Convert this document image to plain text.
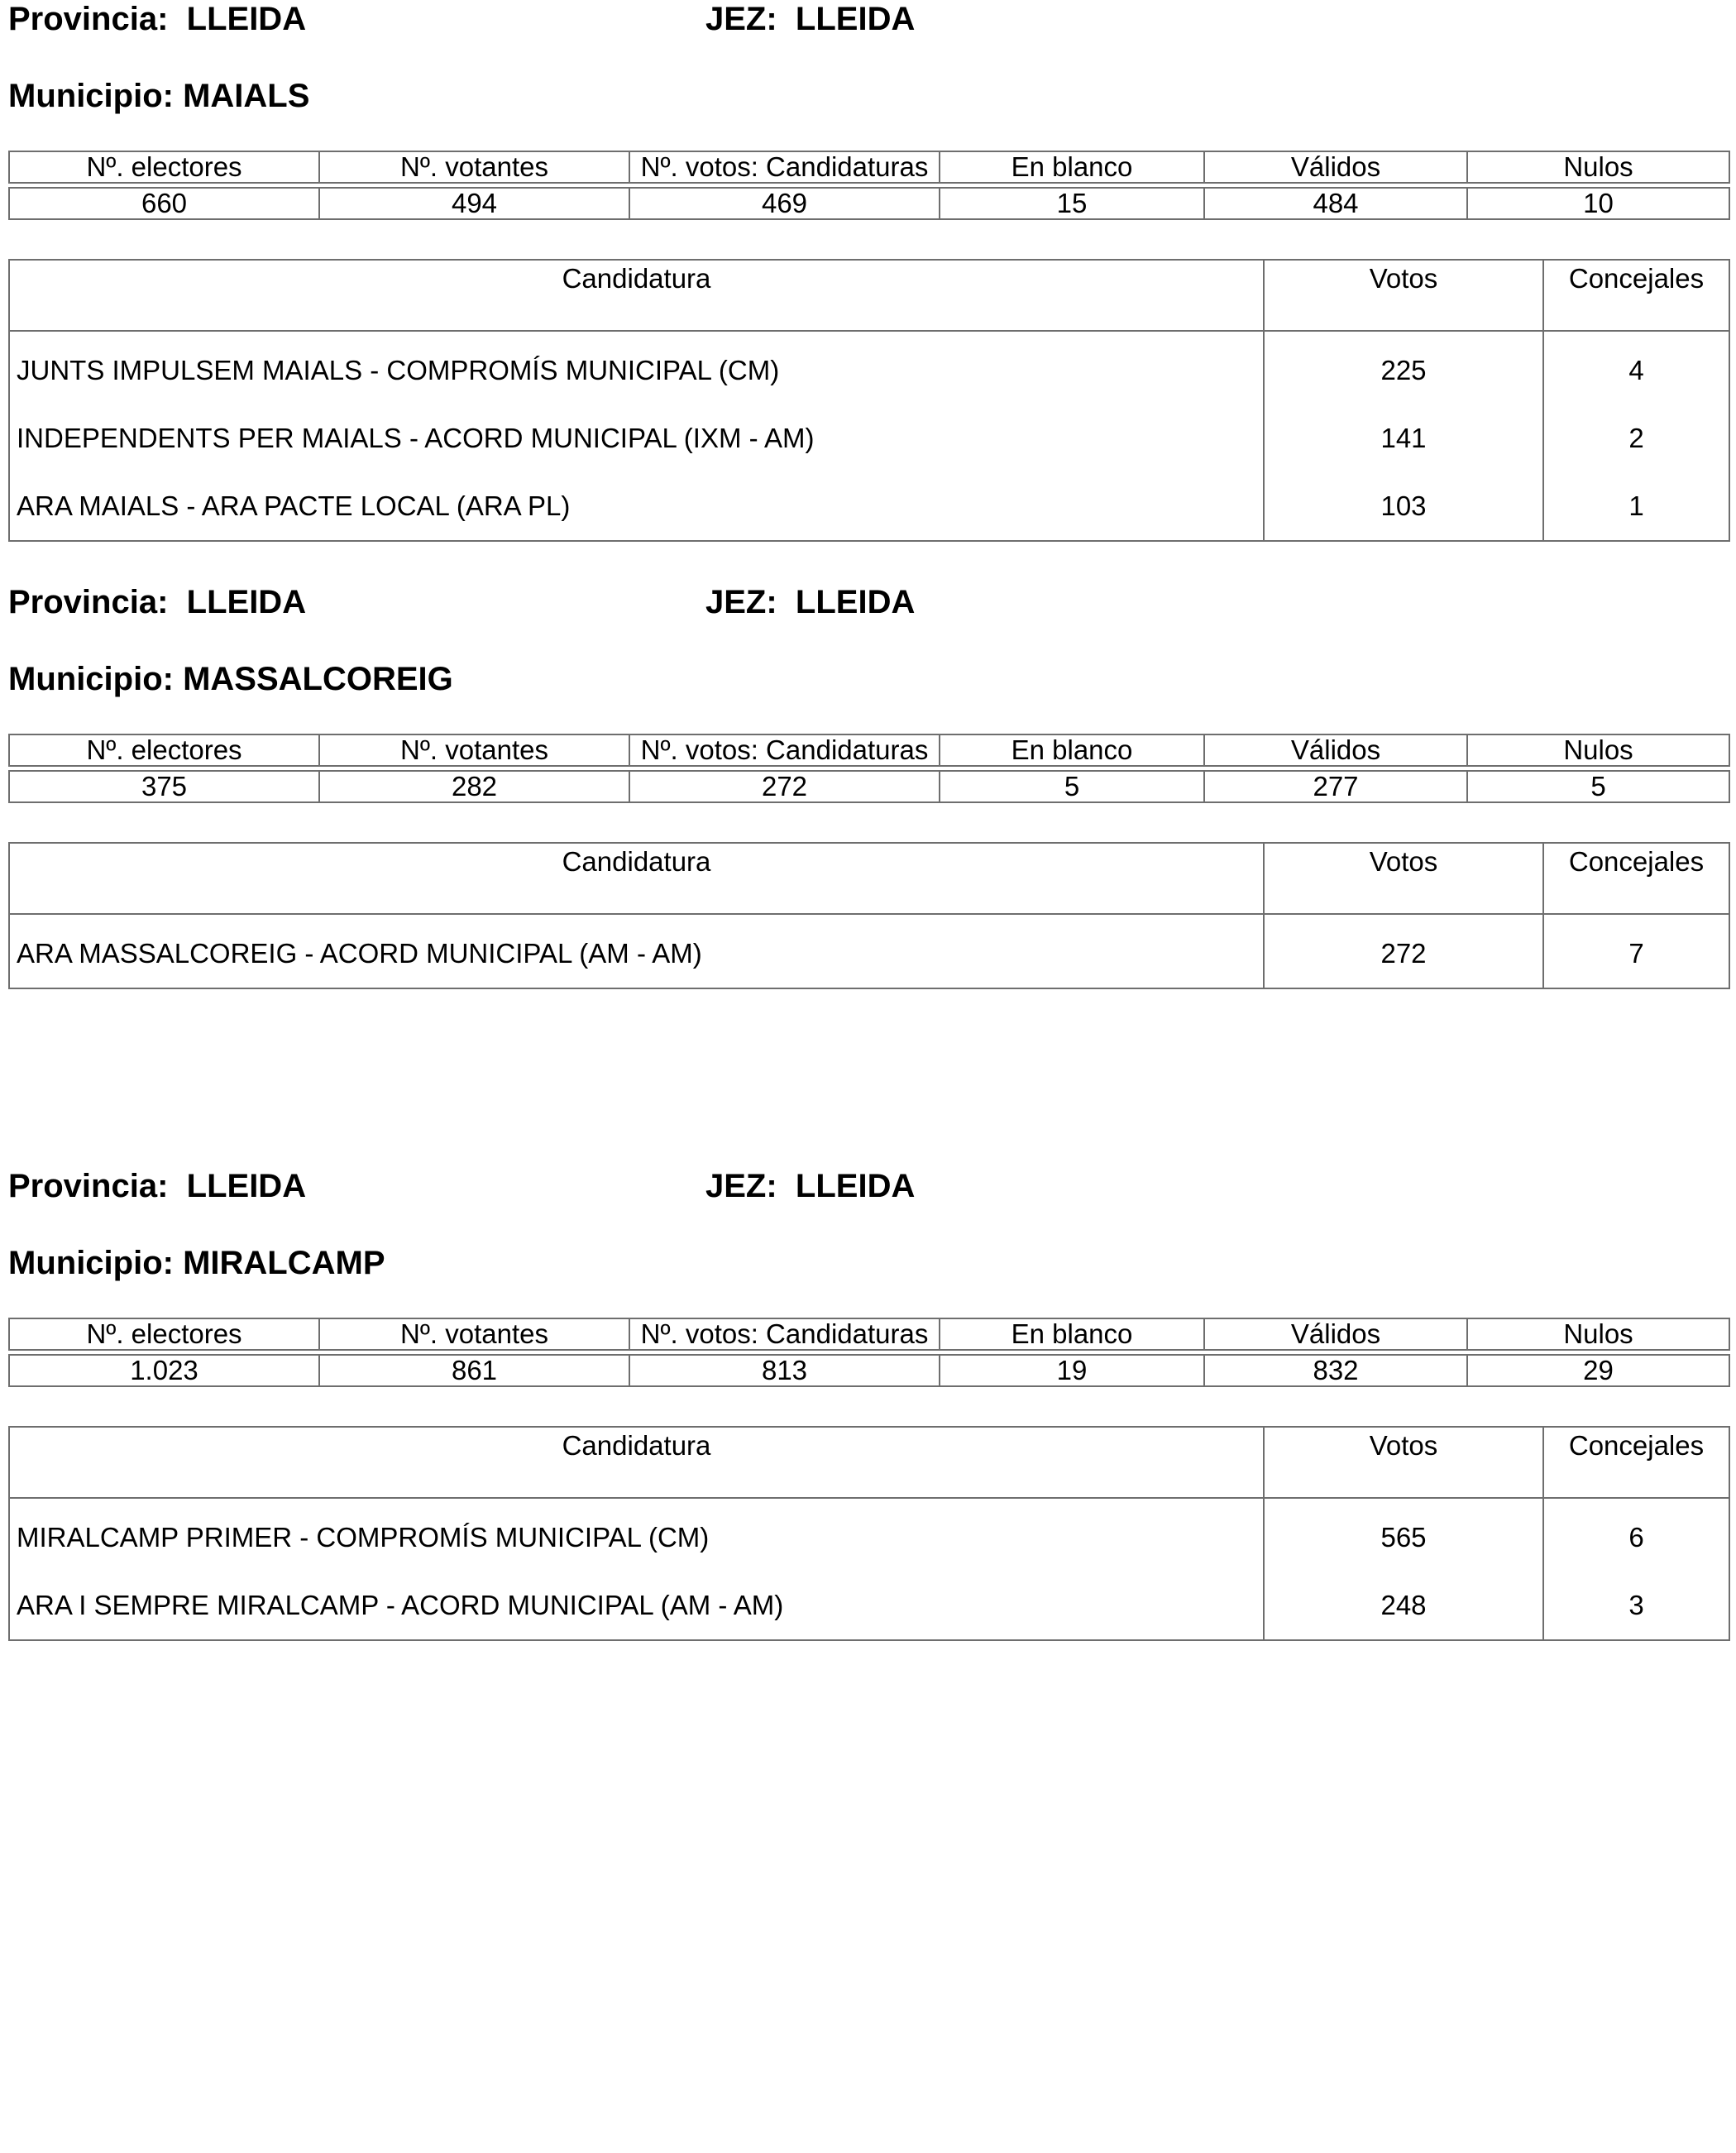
Provincia: LLEIDA	JEZ: LLEIDA
Municipio: MAIALS
Nº. electores	Nº. votantes	Nº. votos: Candidaturas	En blanco	Válidos	Nulos

660	494	469	15	484	10
Candidatura	Votos	Concejales
JUNTS IMPULSEM MAIALS - COMPROMÍS MUNICIPAL (CM)	225	4
INDEPENDENTS PER MAIALS - ACORD MUNICIPAL (IXM - AM)	141	2
ARA MAIALS - ARA PACTE LOCAL (ARA PL)	103	1
Provincia: LLEIDA	JEZ: LLEIDA
Municipio: MASSALCOREIG
Nº. electores	Nº. votantes	Nº. votos: Candidaturas	En blanco	Válidos	Nulos

375	282	272	5	277	5
Candidatura	Votos	Concejales
ARA MASSALCOREIG - ACORD MUNICIPAL (AM - AM)	272	7
Provincia: LLEIDA	JEZ: LLEIDA
Municipio: MIRALCAMP
Nº. electores	Nº. votantes	Nº. votos: Candidaturas	En blanco	Válidos	Nulos

1.023	861	813	19	832	29
Candidatura	Votos	Concejales
MIRALCAMP PRIMER - COMPROMÍS MUNICIPAL (CM)	565	6
ARA I SEMPRE MIRALCAMP - ACORD MUNICIPAL (AM - AM)	248	3
